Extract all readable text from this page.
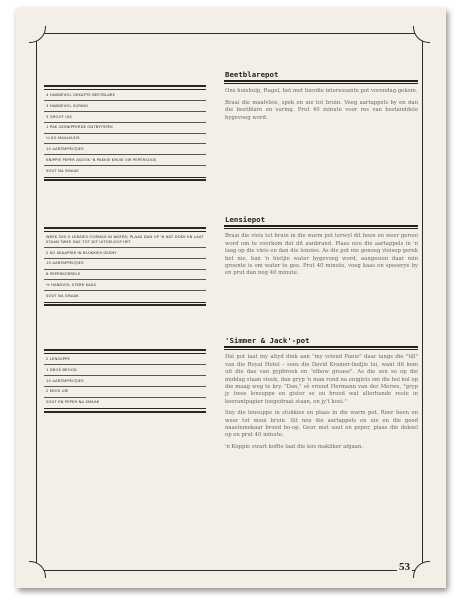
4 HANDEVOL GEKAPTE BEETBLARE
3 HANDEVOL SURING
3 GROOT UIE
1 PAK GESNIPPERDE ONTBYTSPEK
¼ KG MAALVLEIS
10 AARTAPPELTJIES
KNIPPIE PEPER ASOOK 'N PAKKIE KRUIE VIR PEPERSOUS
SOUT NA SMAAK
WEEK 500 G LENSIES OORNAG IN WATER; PLAAS DAN OP 'N NAT DOEK EN LAAT STAAN TWEE DAE TOT DIT UITGELOOP HET
2 KG SKAAPRIB IN BLOKKIES GESNY
10 AARTAPPELTJIES
6 PEPERKORRELS
½ HANDVOL STERK KAAS
SOUT NA SMAAK
2 LENSUPPE
1 DROË BROOD
10 AARTAPPELTJIES
2 MOOI UIE
SOUT EN PEPER NA SMAAK
Beetblarepot

Ons huishulp, Ragel, het met hierdie interessante pot vorendag gekom.

Braai die maalvleis, spek en uie tot bruin. Voeg aartappels by en dan die beetblare en suring. Prut 40 minute voor res van bestanddele bygevoeg word.

Lensiepot

Braai die vleis tot bruin in die warm pot terwyl dit heen en weer gerooi word om te voorkom dat dit aanbrand. Plaas nou die aartappels in 'n laag op die vleis en dan die lensies. As die pot nie genoeg vleisop gerek het nie, kan 'n bietjie water bygevoeg word, aangesien daar min groente is om water te gee. Prut 40 minute, voeg kaas en speserye by en prut dan nog 40 minute.

'Simmer & Jack'-pot

Dié pot laat my altyd dink aan "my vriend Panie" daar langs die "till" van die Royal Hotel – soos die David Kramer-liedjie lui, want dit kom uit die dae van pypbroek en "elbow grease". As die son so op die middag staan steek, dan gryp 'n man rond na enigiets om die hol kol op die maag weg te kry. "Dan," sê vriend Hermann van der Merwe, "gryp jy twee lensuppe en gister se ou brood wat allerhande reste in koerantpapier toegedraai staan, en jy't koei."

Sny die lensuppe in stukkies en plaas in die warm pot. Roer heen en weer tot mooi bruin. Sit nou die aartappels en uie en die goed naastemekaar brood bo-op. Geur met sout en peper, plaas die deksel op en prut 40 minute.

'n Koppie swart koffie laat die kos makliker afgaan.

53
